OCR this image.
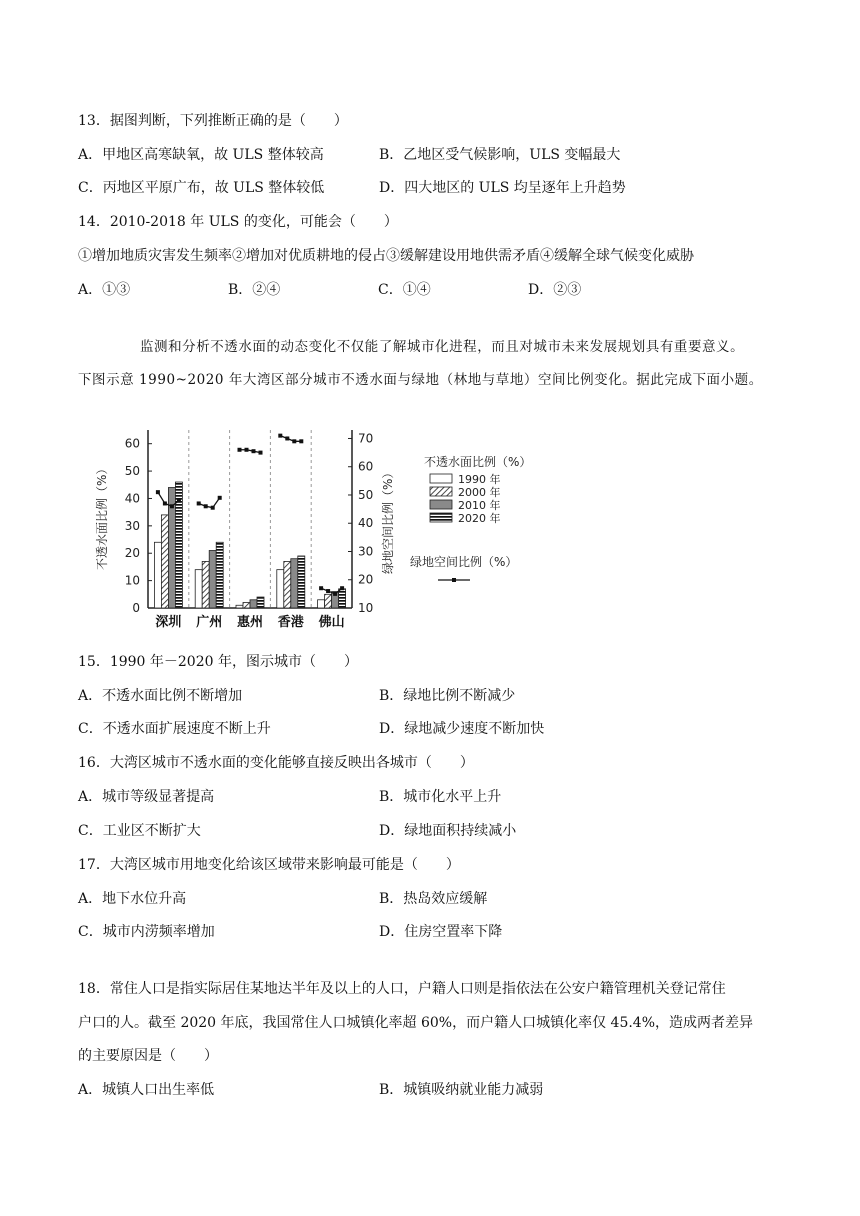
13．据图判断，下列推断正确的是（　　）
A．甲地区高寒缺氧，故 ULS 整体较高	B．乙地区受气候影响，ULS 变幅最大
C．丙地区平原广布，故 ULS 整体较低	D．四大地区的 ULS 均呈逐年上升趋势
14．2010-2018 年 ULS 的变化，可能会（　　）
①增加地质灾害发生频率②增加对优质耕地的侵占③缓解建设用地供需矛盾④缓解全球气候变化威胁
A．①③	B．②④	C．①④	D．②③
监测和分析不透水面的动态变化不仅能了解城市化进程，而且对城市未来发展规划具有重要意义。
下图示意 1990~2020 年大湾区部分城市不透水面与绿地（林地与草地）空间比例变化。据此完成下面小题。
60
50
40
30
20
10
0
70
60
50
40
30
20
10
深圳 广州 惠州 香港 佛山
不透水面比例（%）	绿地空间比例（%）
不透水面比例（%）
绿地空间比例（%）
1990 年
2000 年
2010 年
2020 年
15．1990 年－2020 年，图示城市（　　）
A．不透水面比例不断增加	B．绿地比例不断减少
C．不透水面扩展速度不断上升	D．绿地减少速度不断加快
16．大湾区城市不透水面的变化能够直接反映出各城市（　　）
A．城市等级显著提高	B．城市化水平上升
C．工业区不断扩大	D．绿地面积持续减小
17．大湾区城市用地变化给该区域带来影响最可能是（　　）
A．地下水位升高	B．热岛效应缓解
C．城市内涝频率增加	D．住房空置率下降
18．常住人口是指实际居住某地达半年及以上的人口，户籍人口则是指依法在公安户籍管理机关登记常住
户口的人。截至 2020 年底，我国常住人口城镇化率超 60%，而户籍人口城镇化率仅 45.4%，造成两者差异
的主要原因是（　　）
A．城镇人口出生率低	B．城镇吸纳就业能力减弱
